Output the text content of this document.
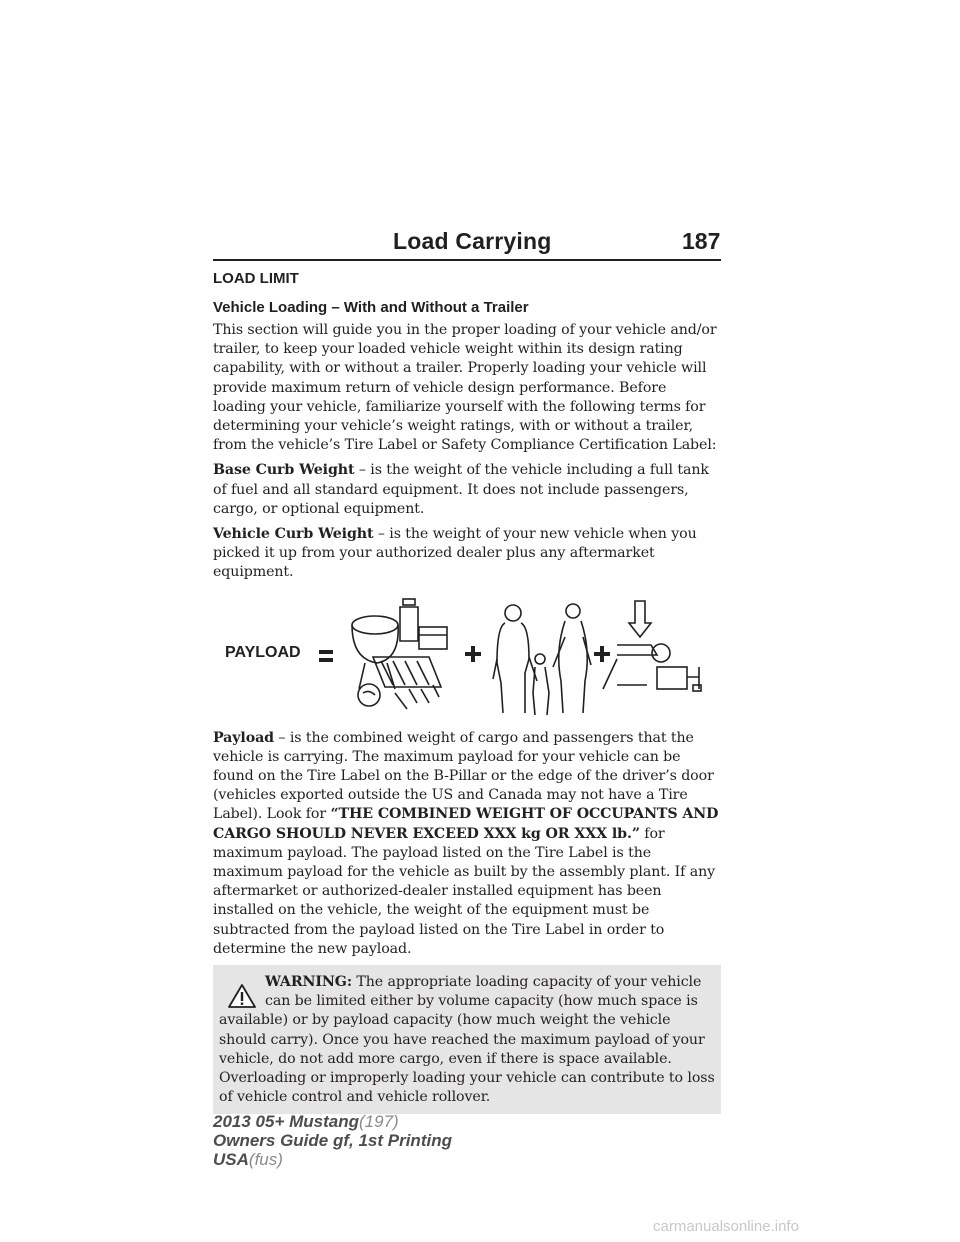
Load Carrying	187
LOAD LIMIT
Vehicle Loading – With and Without a Trailer

This section will guide you in the proper loading of your vehicle and/or trailer, to keep your loaded vehicle weight within its design rating capability, with or without a trailer. Properly loading your vehicle will provide maximum return of vehicle design performance. Before loading your vehicle, familiarize yourself with the following terms for determining your vehicle’s weight ratings, with or without a trailer, from the vehicle’s Tire Label or Safety Compliance Certification Label:

Base Curb Weight – is the weight of the vehicle including a full tank of fuel and all standard equipment. It does not include passengers, cargo, or optional equipment.

Vehicle Curb Weight – is the weight of your new vehicle when you picked it up from your authorized dealer plus any aftermarket equipment.

PAYLOAD

Payload – is the combined weight of cargo and passengers that the vehicle is carrying. The maximum payload for your vehicle can be found on the Tire Label on the B-Pillar or the edge of the driver’s door (vehicles exported outside the US and Canada may not have a Tire Label). Look for “THE COMBINED WEIGHT OF OCCUPANTS AND CARGO SHOULD NEVER EXCEED XXX kg OR XXX lb.” for maximum payload. The payload listed on the Tire Label is the maximum payload for the vehicle as built by the assembly plant. If any aftermarket or authorized-dealer installed equipment has been installed on the vehicle, the weight of the equipment must be subtracted from the payload listed on the Tire Label in order to determine the new payload.

WARNING: The appropriate loading capacity of your vehicle can be limited either by volume capacity (how much space is available) or by payload capacity (how much weight the vehicle should carry). Once you have reached the maximum payload of your vehicle, do not add more cargo, even if there is space available. Overloading or improperly loading your vehicle can contribute to loss of vehicle control and vehicle rollover.

2013 05+ Mustang(197)
Owners Guide gf, 1st Printing
USA(fus)
carmanualsonline.info
